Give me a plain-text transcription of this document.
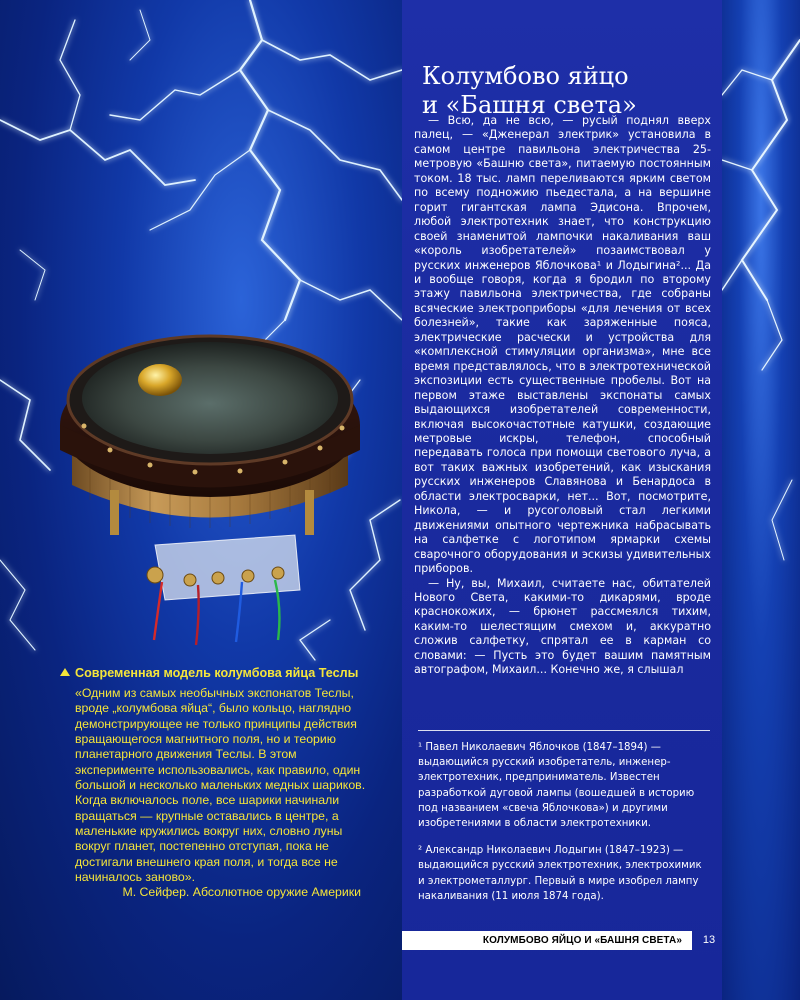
Современная модель колумбова яйца Теслы

«Одним из самых необычных экспонатов Теслы, вроде „колумбова яйца“, было кольцо, наглядно демонстрирующее не только принципы действия вращающегося магнитного поля, но и теорию планетарного движения Теслы. В этом эксперименте использовались, как правило, один большой и несколько маленьких медных шариков. Когда включалось поле, все шарики начинали вращаться — крупные оставались в центре, а маленькие кружились вокруг них, словно луны вокруг планет, постепенно отступая, пока не достигали внешнего края поля, и тогда все не начиналось заново».

М. Сейфер. Абсолютное оружие Америки

Колумбово яйцо
и «Башня света»

— Всю, да не всю, — русый поднял вверх палец, — «Дженерал электрик» установила в самом центре павильона электричества 25-метровую «Башню света», питаемую постоянным током. 18 тыс. ламп переливаются ярким светом по всему подножию пьедестала, а на вершине горит гигантская лампа Эдисона. Впрочем, любой электротехник знает, что конструкцию своей знаменитой лампочки накаливания ваш «король изобретателей» позаимствовал у русских инженеров Яблочкова¹ и Лодыгина²... Да и вообще говоря, когда я бродил по второму этажу павильона электричества, где собраны всяческие электроприборы «для лечения от всех болезней», такие как заряженные пояса, электрические расчески и устройства для «комплексной стимуляции организма», мне все время представлялось, что в электротехнической экспозиции есть существенные пробелы. Вот на первом этаже выставлены экспонаты самых выдающихся изобретателей современности, включая высокочастотные катушки, создающие метровые искры, телефон, способный передавать голоса при помощи светового луча, а вот таких важных изобретений, как изыскания русских инженеров Славянова и Бенардоса в области электросварки, нет... Вот, посмотрите, Никола, — и русоголовый стал легкими движениями опытного чертежника набрасывать на салфетке с логотипом ярмарки схемы сварочного оборудования и эскизы удивительных приборов.

— Ну, вы, Михаил, считаете нас, обитателей Нового Света, какими-то дикарями, вроде краснокожих, — брюнет рассмеялся тихим, каким-то шелестящим смехом и, аккуратно сложив салфетку, спрятал ее в карман со словами: — Пусть это будет вашим памятным автографом, Михаил... Конечно же, я слышал

¹ Павел Николаевич Яблочков (1847–1894) — выдающийся русский изобретатель, инженер-электротехник, предприниматель. Известен разработкой дуговой лампы (вошедшей в историю под названием «свеча Яблочкова») и другими изобретениями в области электротехники.

² Александр Николаевич Лодыгин (1847–1923) — выдающийся русский электротехник, электрохимик и электрометаллург. Первый в мире изобрел лампу накаливания (11 июля 1874 года).

КОЛУМБОВО ЯЙЦО И «БАШНЯ СВЕТА»	13
